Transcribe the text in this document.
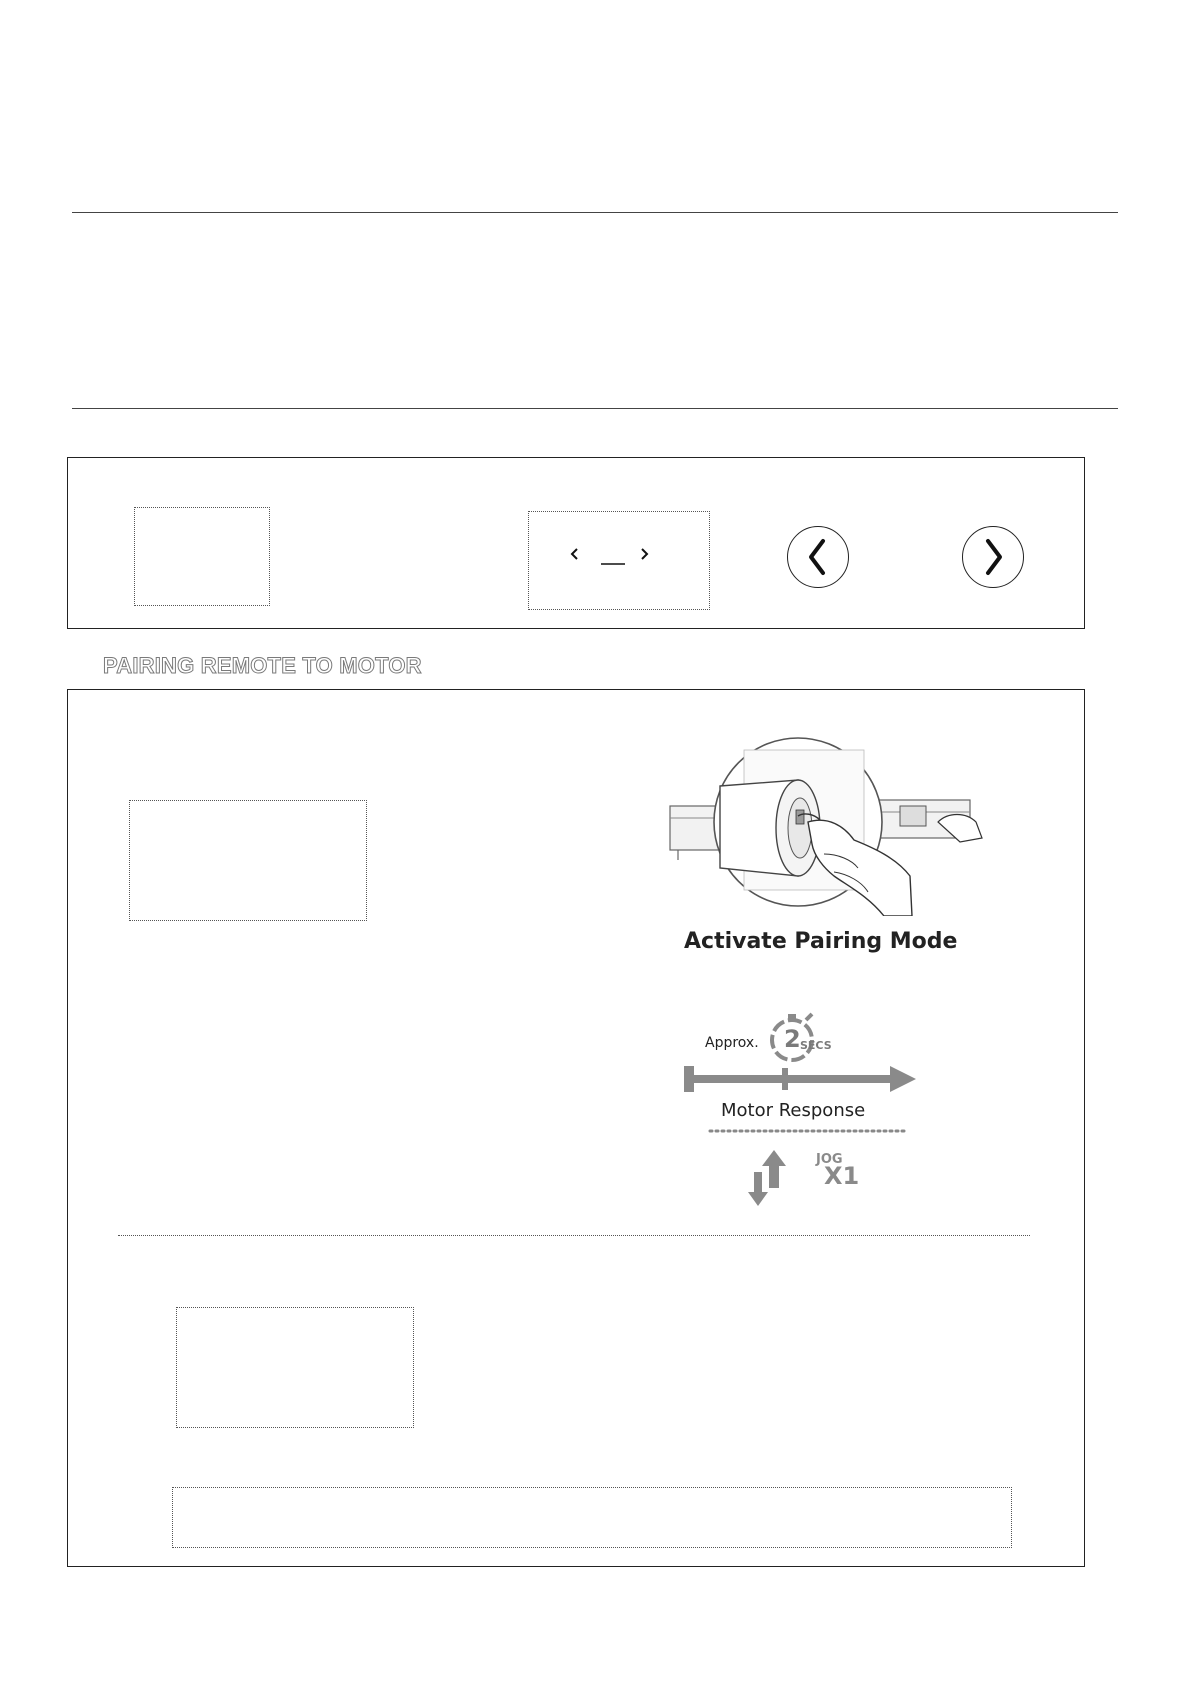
PAIRING REMOTE TO MOTOR
Activate Pairing Mode
Approx. 2 SECS
Motor Response
JOG
X1
